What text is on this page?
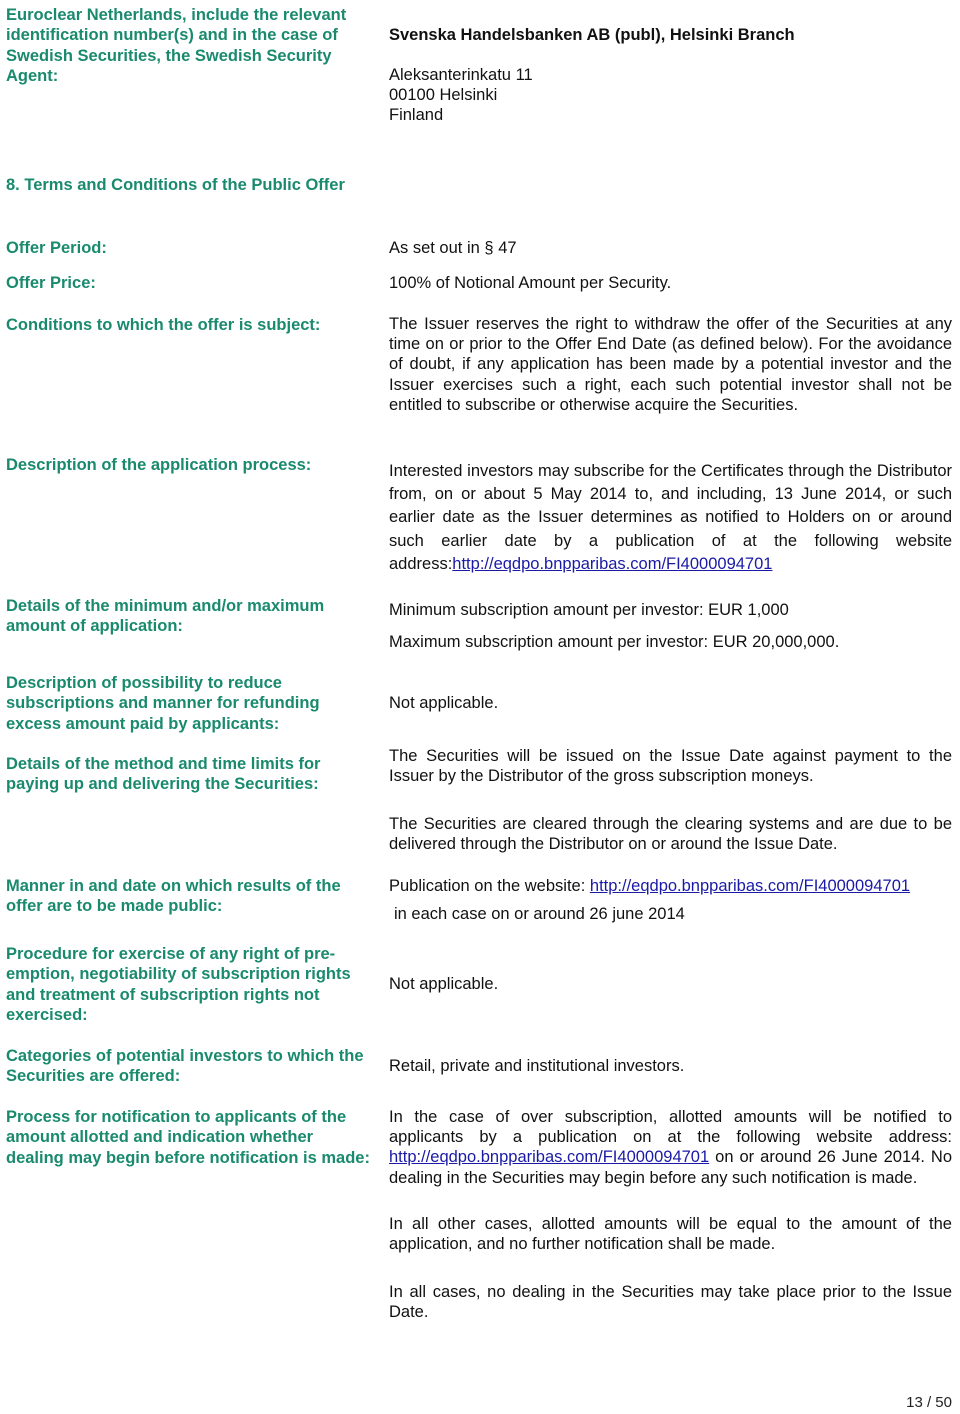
Euroclear Netherlands, include the relevant identification number(s) and in the case of Swedish Securities, the Swedish Security Agent:
Svenska Handelsbanken AB (publ), Helsinki Branch
Aleksanterinkatu 11
00100 Helsinki
Finland
8. Terms and Conditions of the Public Offer
Offer Period:	As set out in § 47
Offer Price:	100% of Notional Amount per Security.
Conditions to which the offer is subject:	The Issuer reserves the right to withdraw the offer of the Securities at any time on or prior to the Offer End Date (as defined below). For the avoidance of doubt, if any application has been made by a potential investor and the Issuer exercises such a right, each such potential investor shall not be entitled to subscribe or otherwise acquire the Securities.
Description of the application process:	Interested investors may subscribe for the Certificates through the Distributor from, on or about 5 May 2014 to, and including, 13 June 2014, or such earlier date as the Issuer determines as notified to Holders on or around such earlier date by a publication of at the following website address:http://eqdpo.bnpparibas.com/FI4000094701
Details of the minimum and/or maximum amount of application:
Minimum subscription amount per investor: EUR 1,000
Maximum subscription amount per investor: EUR 20,000,000.
Description of possibility to reduce subscriptions and manner for refunding excess amount paid by applicants:
Not applicable.
Details of the method and time limits for paying up and delivering the Securities:
The Securities will be issued on the Issue Date against payment to the Issuer by the Distributor of the gross subscription moneys.
The Securities are cleared through the clearing systems and are due to be delivered through the Distributor on or around the Issue Date.
Manner in and date on which results of the offer are to be made public:
Publication on the website: http://eqdpo.bnpparibas.com/FI4000094701
in each case on or around 26 june 2014
Procedure for exercise of any right of pre-emption, negotiability of subscription rights and treatment of subscription rights not exercised:
Not applicable.
Categories of potential investors to which the Securities are offered:
Retail, private and institutional investors.
Process for notification to applicants of the amount allotted and indication whether dealing may begin before notification is made:
In the case of over subscription, allotted amounts will be notified to applicants by a publication on at the following website address: http://eqdpo.bnpparibas.com/FI4000094701 on or around 26 June 2014. No dealing in the Securities may begin before any such notification is made.
In all other cases, allotted amounts will be equal to the amount of the application, and no further notification shall be made.
In all cases, no dealing in the Securities may take place prior to the Issue Date.
13 / 50
